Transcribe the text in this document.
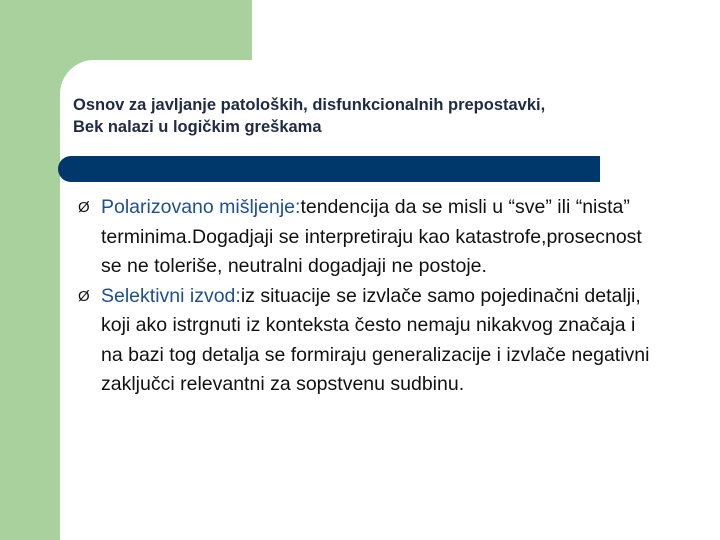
Osnov za javljanje patoloških, disfunkcionalnih prepostavki,
Bek nalazi u logičkim greškama
Ø Polarizovano mišljenje:tendencija da se misli u “sve” ili “nista” terminima.Dogadjaji se interpretiraju kao katastrofe,prosecnost se ne toleriše, neutralni dogadjaji ne postoje.
Ø Selektivni izvod:iz situacije se izvlače samo pojedinačni detalji, koji ako istrgnuti iz konteksta često nemaju nikakvog značaja i na bazi tog detalja se formiraju generalizacije i izvlače negativni zaključci relevantni za sopstvenu sudbinu.
